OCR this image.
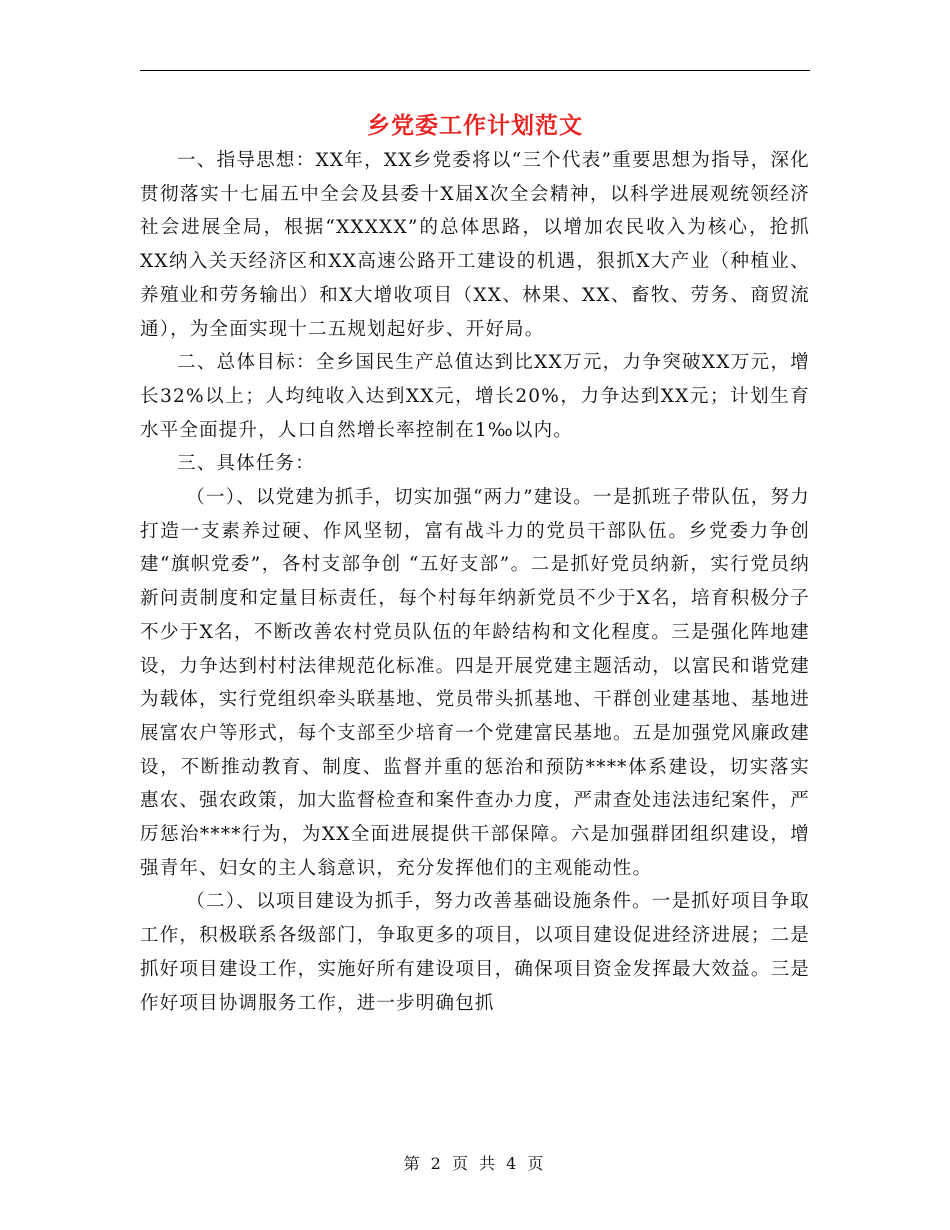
乡党委工作计划范文

一、指导思想：XX年，XX乡党委将以“三个代表”重要思想为指导，深化贯彻落实十七届五中全会及县委十X届X次全会精神，以科学进展观统领经济社会进展全局，根据“XXXXX”的总体思路，以增加农民收入为核心，抢抓XX纳入关天经济区和XX高速公路开工建设的机遇，狠抓X大产业（种植业、养殖业和劳务输出）和X大增收项目（XX、林果、XX、畜牧、劳务、商贸流通），为全面实现十二五规划起好步、开好局。

二、总体目标：全乡国民生产总值达到比XX万元，力争突破XX万元，增长32%以上；人均纯收入达到XX元，增长20%，力争达到XX元；计划生育水平全面提升，人口自然增长率控制在1‰以内。

三、具体任务：

（一）、以党建为抓手，切实加强“两力”建设。一是抓班子带队伍，努力打造一支素养过硬、作风坚韧，富有战斗力的党员干部队伍。乡党委力争创建“旗帜党委”，各村支部争创 “五好支部”。二是抓好党员纳新，实行党员纳新问责制度和定量目标责任，每个村每年纳新党员不少于X名，培育积极分子不少于X名，不断改善农村党员队伍的年龄结构和文化程度。三是强化阵地建设，力争达到村村法律规范化标准。四是开展党建主题活动，以富民和谐党建为载体，实行党组织牵头联基地、党员带头抓基地、干群创业建基地、基地进展富农户等形式，每个支部至少培育一个党建富民基地。五是加强党风廉政建设，不断推动教育、制度、监督并重的惩治和预防****体系建设，切实落实惠农、强农政策，加大监督检查和案件查办力度，严肃查处违法违纪案件，严厉惩治****行为，为XX全面进展提供干部保障。六是加强群团组织建设，增强青年、妇女的主人翁意识，充分发挥他们的主观能动性。

（二）、以项目建设为抓手，努力改善基础设施条件。一是抓好项目争取工作，积极联系各级部门，争取更多的项目，以项目建设促进经济进展；二是抓好项目建设工作，实施好所有建设项目，确保项目资金发挥最大效益。三是作好项目协调服务工作，进一步明确包抓

第 2 页 共 4 页
